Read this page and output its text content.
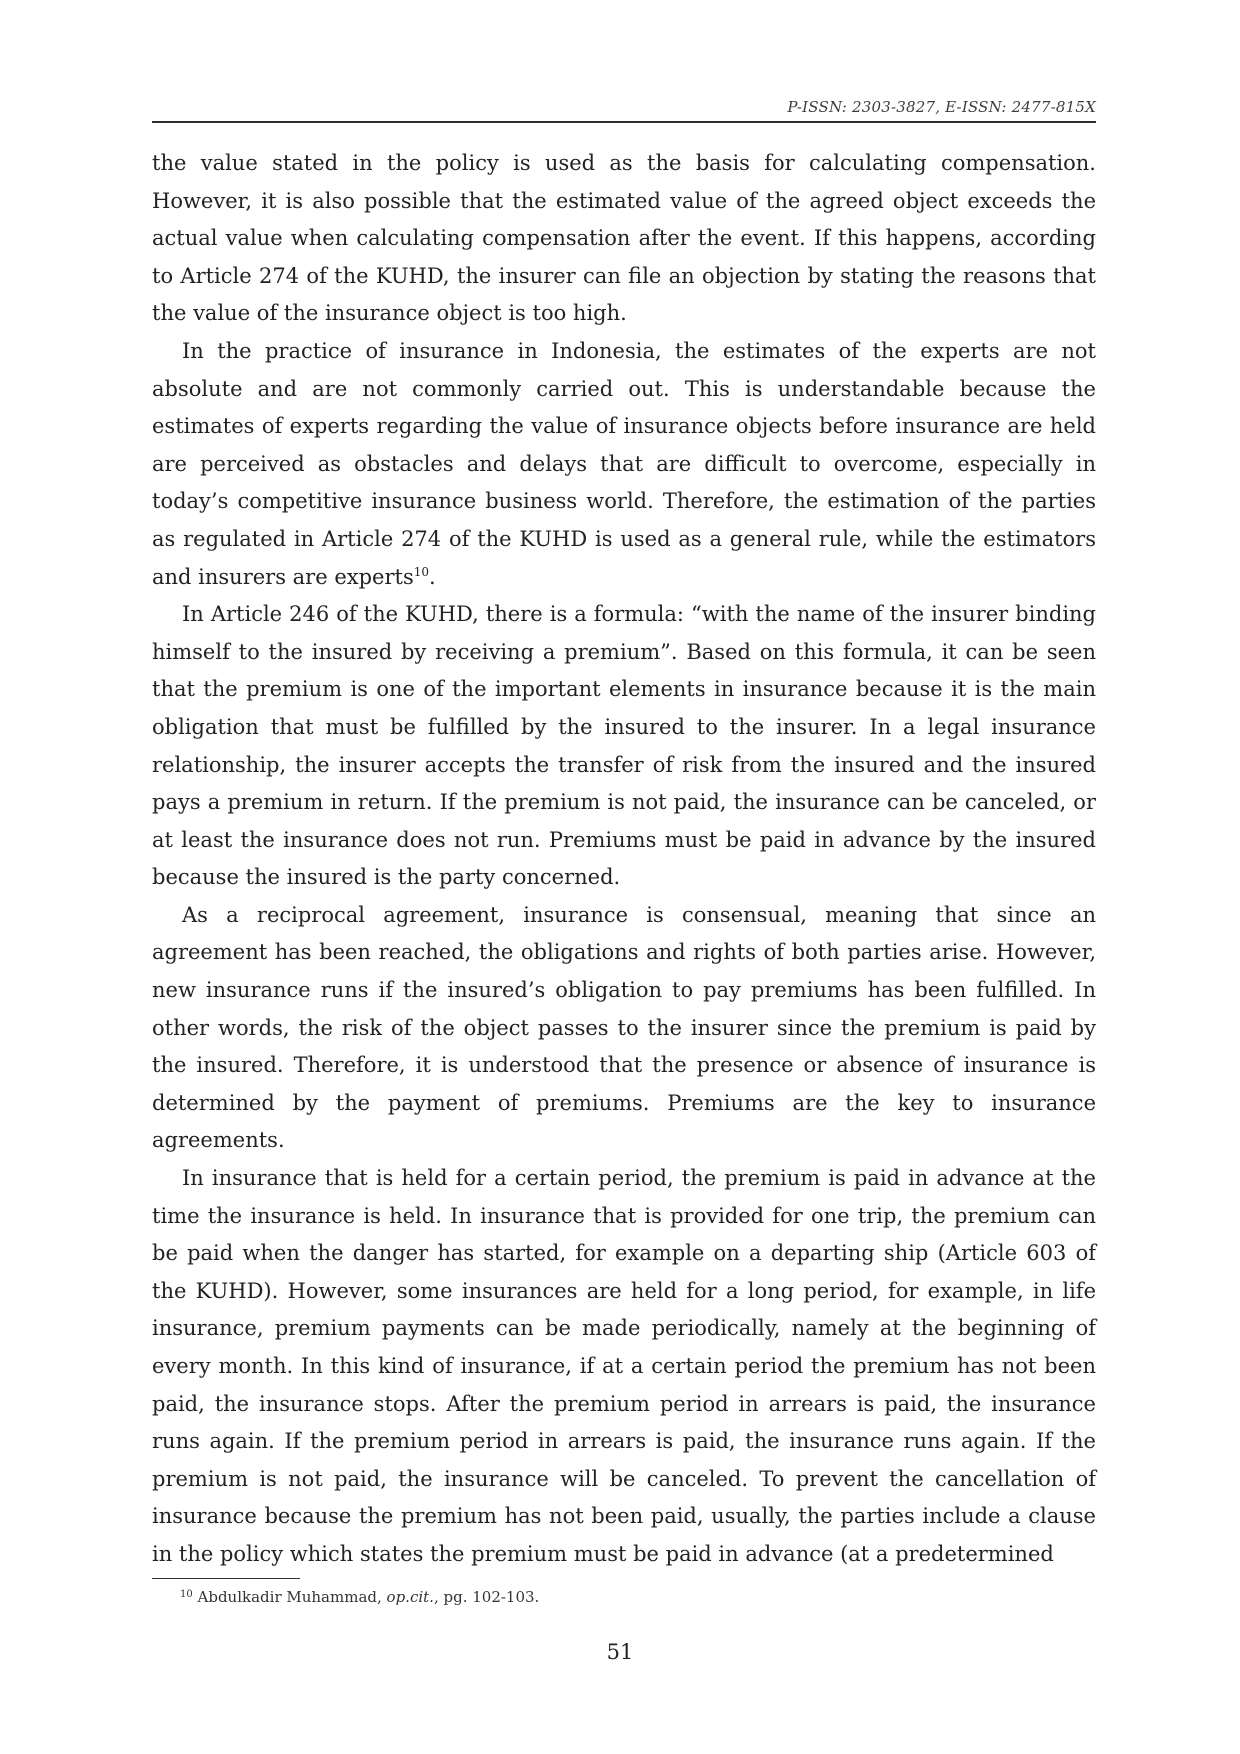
P-ISSN: 2303-3827, E-ISSN: 2477-815X

the value stated in the policy is used as the basis for calculating compensation. However, it is also possible that the estimated value of the agreed object exceeds the actual value when calculating compensation after the event. If this happens, according to Article 274 of the KUHD, the insurer can file an objection by stating the reasons that the value of the insurance object is too high.

In the practice of insurance in Indonesia, the estimates of the experts are not absolute and are not commonly carried out. This is understandable because the estimates of experts regarding the value of insurance objects before insurance are held are perceived as obstacles and delays that are difficult to overcome, especially in today’s competitive insurance business world. Therefore, the estimation of the parties as regulated in Article 274 of the KUHD is used as a general rule, while the estimators and insurers are experts$^{10}$.

In Article 246 of the KUHD, there is a formula: “with the name of the insurer binding himself to the insured by receiving a premium”. Based on this formula, it can be seen that the premium is one of the important elements in insurance because it is the main obligation that must be fulfilled by the insured to the insurer. In a legal insurance relationship, the insurer accepts the transfer of risk from the insured and the insured pays a premium in return. If the premium is not paid, the insurance can be canceled, or at least the insurance does not run. Premiums must be paid in advance by the insured because the insured is the party concerned.

As a reciprocal agreement, insurance is consensual, meaning that since an agreement has been reached, the obligations and rights of both parties arise. However, new insurance runs if the insured’s obligation to pay premiums has been fulfilled. In other words, the risk of the object passes to the insurer since the premium is paid by the insured. Therefore, it is understood that the presence or absence of insurance is determined by the payment of premiums. Premiums are the key to insurance agreements.

In insurance that is held for a certain period, the premium is paid in advance at the time the insurance is held. In insurance that is provided for one trip, the premium can be paid when the danger has started, for example on a departing ship (Article 603 of the KUHD). However, some insurances are held for a long period, for example, in life insurance, premium payments can be made periodically, namely at the beginning of every month. In this kind of insurance, if at a certain period the premium has not been paid, the insurance stops. After the premium period in arrears is paid, the insurance runs again. If the premium period in arrears is paid, the insurance runs again. If the premium is not paid, the insurance will be canceled. To prevent the cancellation of insurance because the premium has not been paid, usually, the parties include a clause in the policy which states the premium must be paid in advance (at a predetermined

$^{10}$ Abdulkadir Muhammad, op.cit., pg. 102-103.
51
